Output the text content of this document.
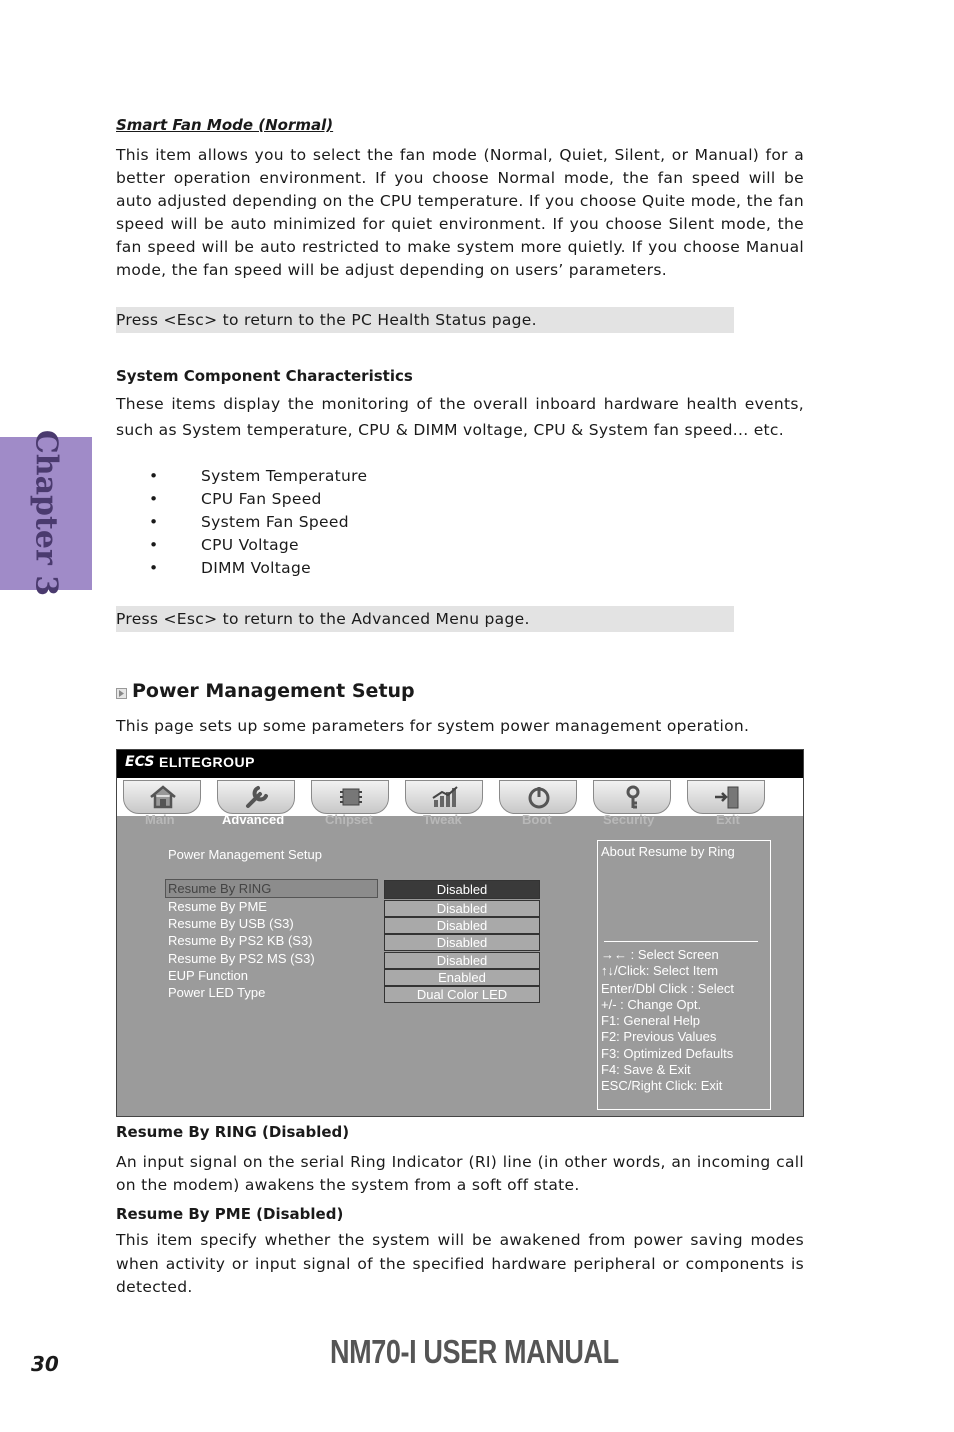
Smart Fan Mode (Normal)
This item allows you to select the fan mode (Normal, Quiet, Silent, or Manual) for a better operation environment. If you choose Normal mode, the fan speed will be auto adjusted depending on the CPU temperature. If you choose Quite mode, the fan speed will be auto minimized for quiet environment. If you choose Silent mode, the fan speed will be auto restricted to make system more quietly. If you choose Manual mode, the fan speed will be adjust depending on users’ parameters.
Press <Esc> to return to the PC Health Status page.
System Component Characteristics
These items display the monitoring of the overall inboard hardware health events, such as System temperature, CPU & DIMM voltage, CPU & System fan speed... etc.
• System Temperature
• CPU Fan Speed
• System Fan Speed
• CPU Voltage
• DIMM Voltage
Press <Esc> to return to the Advanced Menu page.
Chapter 3
Power Management Setup
This page sets up some parameters for system power management operation.
ECS ELITEGROUP
Main	Advanced	Chipset	Tweak	Boot	Security	Exit
Power Management Setup
Resume By RING	Disabled
Resume By PME	Disabled
Resume By USB (S3)	Disabled
Resume By PS2 KB (S3)	Disabled
Resume By PS2 MS (S3)	Disabled
EUP Function	Enabled
Power LED Type	Dual Color LED
About Resume by Ring
→← : Select Screen
↑↓/Click: Select Item
Enter/Dbl Click : Select
+/- : Change Opt.
F1: General Help
F2: Previous Values
F3: Optimized Defaults
F4: Save & Exit
ESC/Right Click: Exit
Resume By RING (Disabled)
An input signal on the serial Ring Indicator (RI) line (in other words, an incoming call on the modem) awakens the system from a soft off state.
Resume By PME (Disabled)
This item specify whether the system will be awakened from power saving modes when activity or input signal of the specified hardware peripheral or components is detected.
30	NM70-I USER MANUAL
